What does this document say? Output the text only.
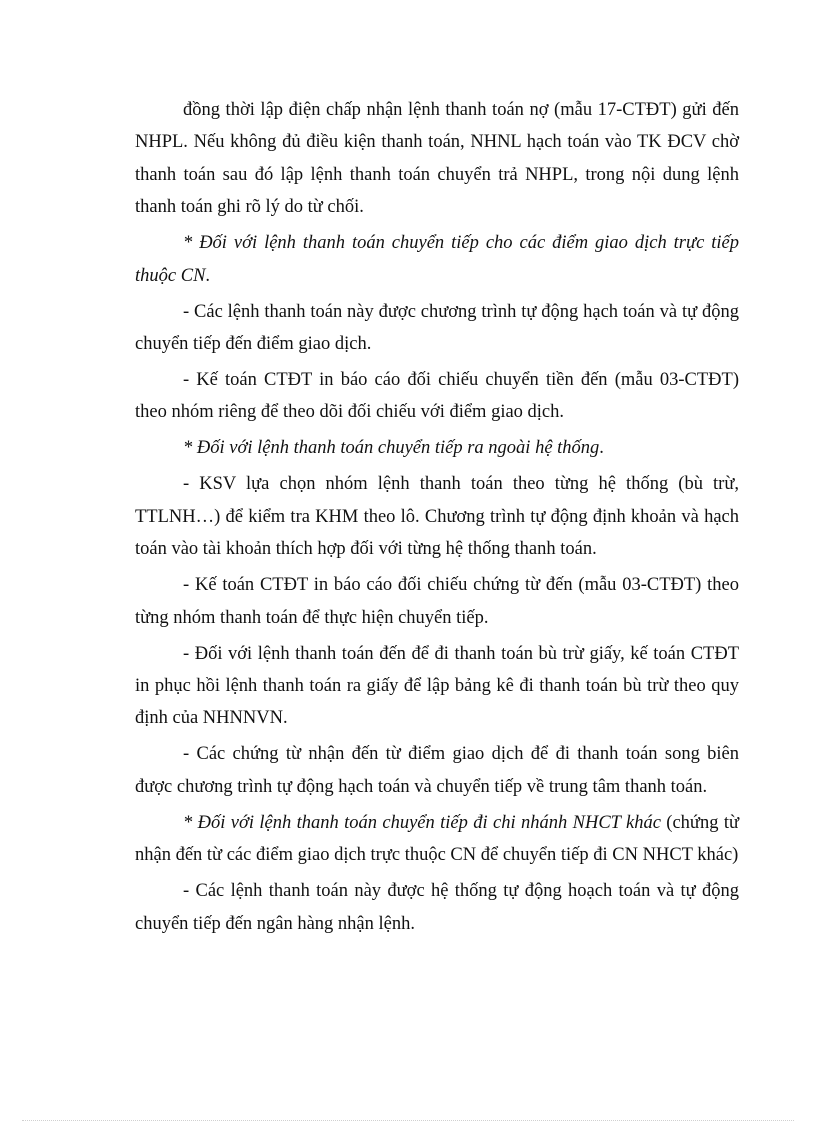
đồng thời lập điện chấp nhận lệnh thanh toán nợ (mẫu 17-CTĐT) gửi đến NHPL. Nếu không đủ điều kiện thanh toán, NHNL hạch toán vào TK ĐCV chờ thanh toán sau đó lập lệnh thanh toán chuyển trả NHPL, trong nội dung lệnh thanh toán ghi rõ lý do từ chối.

* Đối với lệnh thanh toán chuyển tiếp cho các điểm giao dịch trực tiếp thuộc CN.

- Các lệnh thanh toán này được chương trình tự động hạch toán và tự động chuyển tiếp đến điểm giao dịch.

- Kế toán CTĐT in báo cáo đối chiếu chuyển tiền đến (mẫu 03-CTĐT) theo nhóm riêng để theo dõi đối chiếu với điểm giao dịch.

* Đối với lệnh thanh toán chuyển tiếp ra ngoài hệ thống.

- KSV lựa chọn nhóm lệnh thanh toán theo từng hệ thống (bù trừ, TTLNH…) để kiểm tra KHM theo lô. Chương trình tự động định khoản và hạch toán vào tài khoản thích hợp đối với từng hệ thống thanh toán.

- Kế toán CTĐT in báo cáo đối chiếu chứng từ đến (mẫu 03-CTĐT) theo từng nhóm thanh toán để thực hiện chuyển tiếp.

- Đối với lệnh thanh toán đến để đi thanh toán bù trừ giấy, kế toán CTĐT in phục hồi lệnh thanh toán ra giấy để lập bảng kê đi thanh toán bù trừ theo quy định của NHNNVN.

- Các chứng từ nhận đến từ điểm giao dịch để đi thanh toán song biên được chương trình tự động hạch toán và chuyển tiếp về trung tâm thanh toán.

* Đối với lệnh thanh toán chuyển tiếp đi chi nhánh NHCT khác (chứng từ nhận đến từ các điểm giao dịch trực thuộc CN để chuyển tiếp đi CN NHCT khác)

- Các lệnh thanh toán này được hệ thống tự động hoạch toán và tự động chuyển tiếp đến ngân hàng nhận lệnh.
